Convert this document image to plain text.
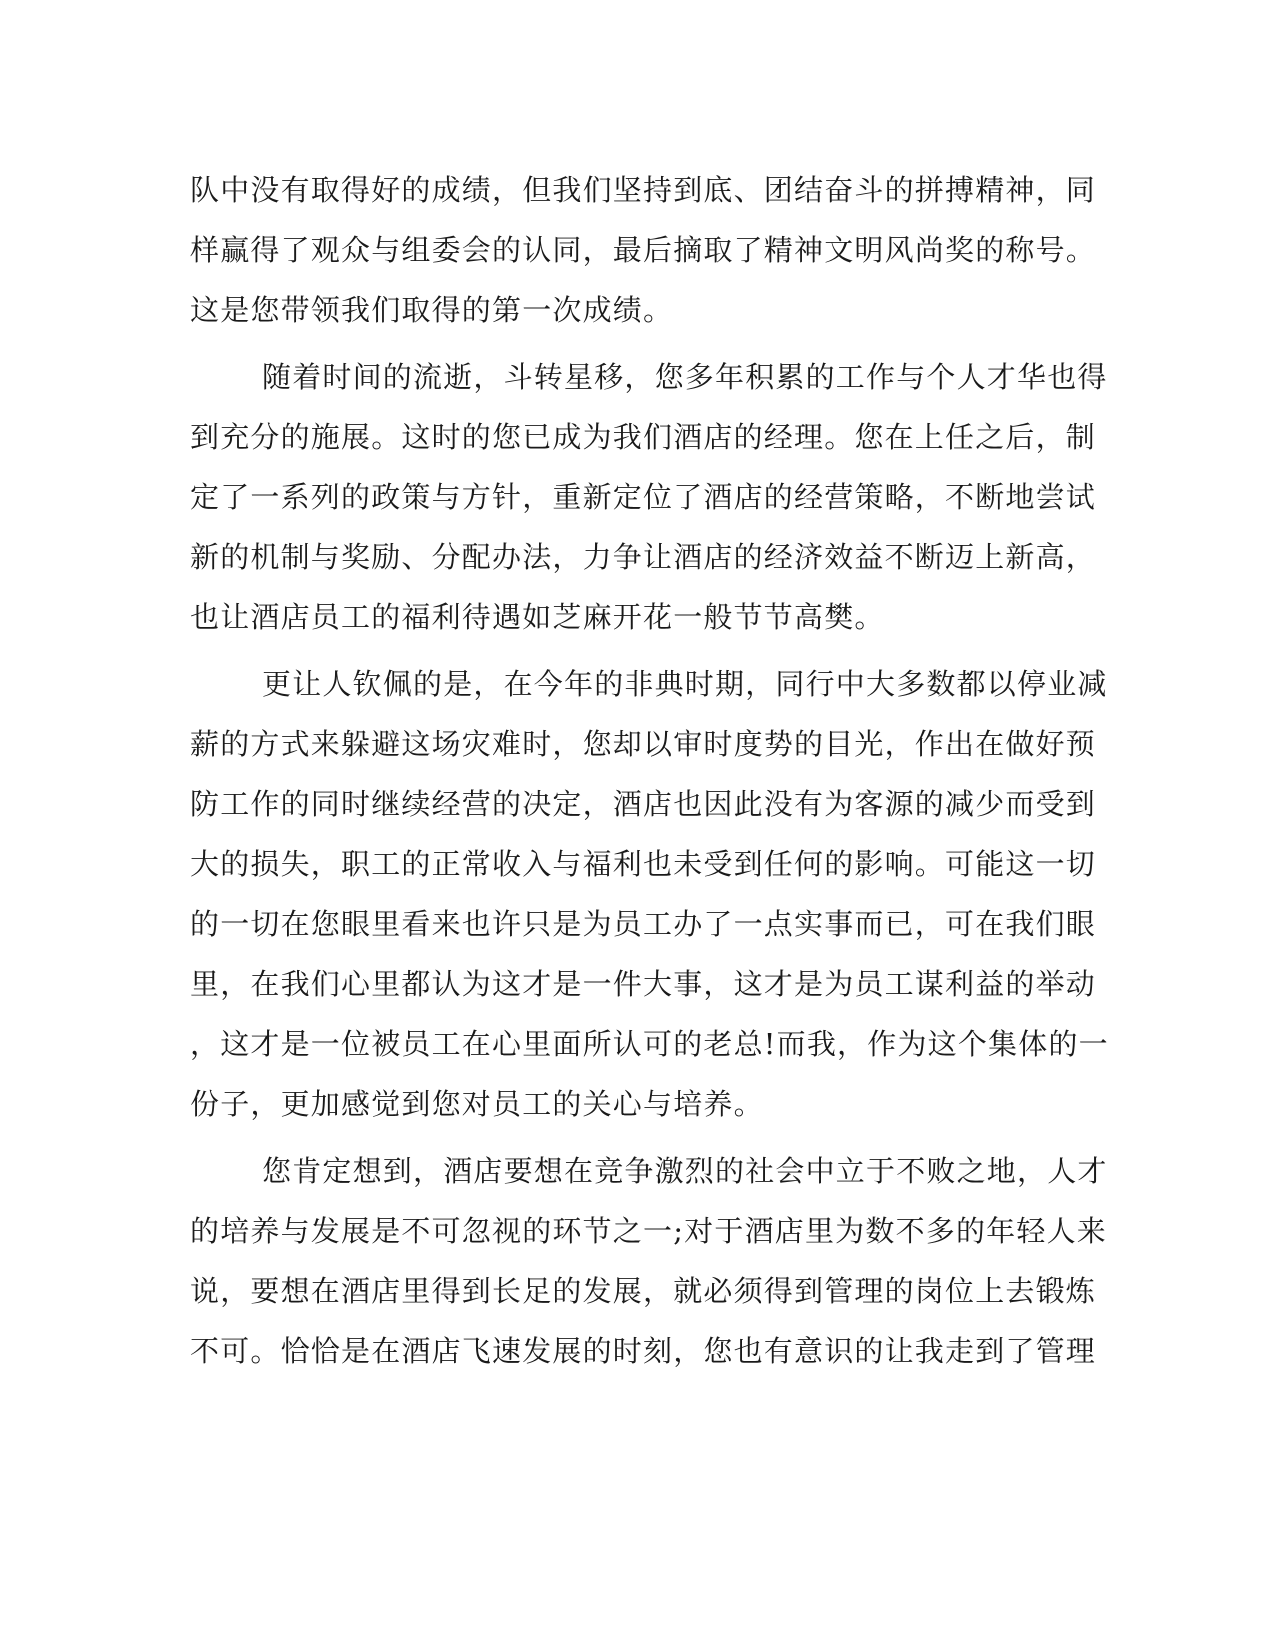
队中没有取得好的成绩，但我们坚持到底、团结奋斗的拼搏精神，同
样赢得了观众与组委会的认同，最后摘取了精神文明风尚奖的称号。
这是您带领我们取得的第一次成绩。
随着时间的流逝，斗转星移，您多年积累的工作与个人才华也得
到充分的施展。这时的您已成为我们酒店的经理。您在上任之后，制
定了一系列的政策与方针，重新定位了酒店的经营策略，不断地尝试
新的机制与奖励、分配办法，力争让酒店的经济效益不断迈上新高，
也让酒店员工的福利待遇如芝麻开花一般节节高樊。
更让人钦佩的是，在今年的非典时期，同行中大多数都以停业减
薪的方式来躲避这场灾难时，您却以审时度势的目光，作出在做好预
防工作的同时继续经营的决定，酒店也因此没有为客源的减少而受到
大的损失，职工的正常收入与福利也未受到任何的影响。可能这一切
的一切在您眼里看来也许只是为员工办了一点实事而已，可在我们眼
里，在我们心里都认为这才是一件大事，这才是为员工谋利益的举动
，这才是一位被员工在心里面所认可的老总!而我，作为这个集体的一
份子，更加感觉到您对员工的关心与培养。
您肯定想到，酒店要想在竞争激烈的社会中立于不败之地，人才
的培养与发展是不可忽视的环节之一;对于酒店里为数不多的年轻人来
说，要想在酒店里得到长足的发展，就必须得到管理的岗位上去锻炼
不可。恰恰是在酒店飞速发展的时刻，您也有意识的让我走到了管理
